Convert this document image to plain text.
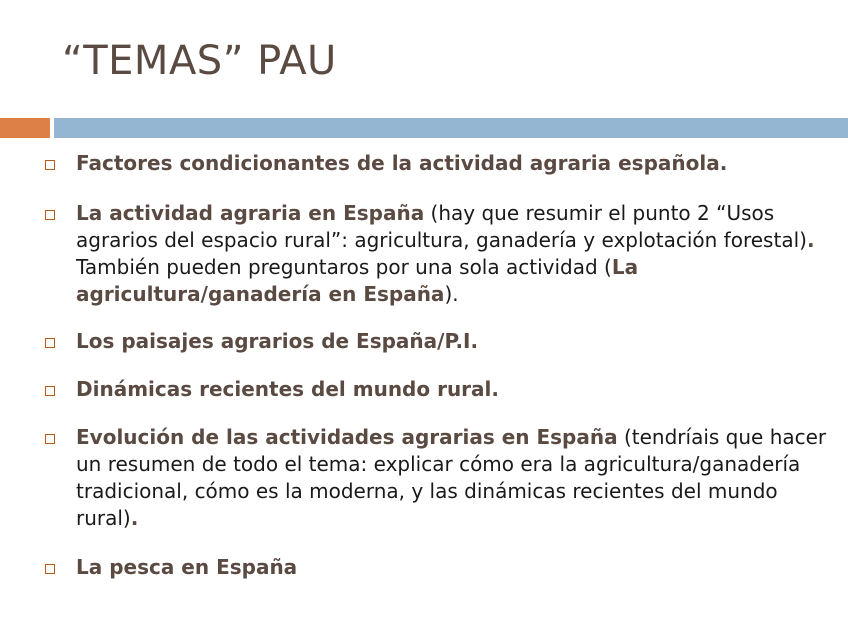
“TEMAS” PAU
Factores condicionantes de la actividad agraria española.
La actividad agraria en España (hay que resumir el punto 2 “Usos agrarios del espacio rural”: agricultura, ganadería y explotación forestal). También pueden preguntaros por una sola actividad (La agricultura/ganadería en España).
Los paisajes agrarios de España/P.I.
Dinámicas recientes del mundo rural.
Evolución de las actividades agrarias en España (tendríais que hacer un resumen de todo el tema: explicar cómo era la agricultura/ganadería tradicional, cómo es la moderna, y las dinámicas recientes del mundo rural).
La pesca en España
